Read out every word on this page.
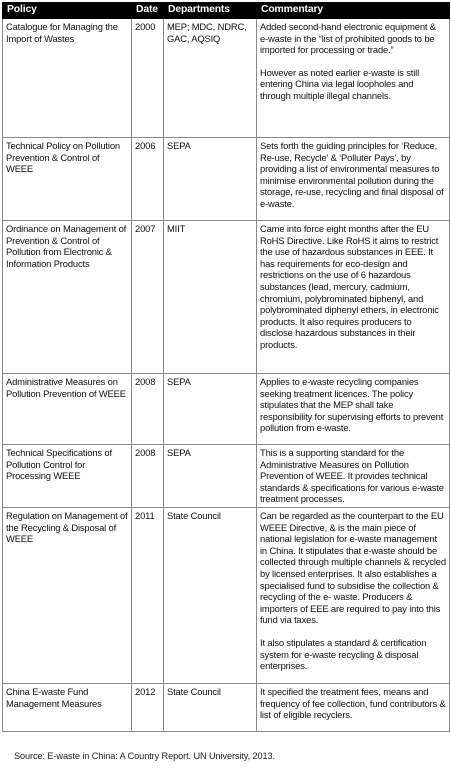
Policy	Date	Departments	Commentary
Catalogue for Managing the Import of Wastes	2000	MEP; MDC, NDRC, GAC, AQSIQ	Added second-hand electronic equipment & e-waste in the “list of prohibited goods to be imported for processing or trade.”

However as noted earlier e-waste is still entering China via legal loopholes and through multiple illegal channels.

Technical Policy on Pollution Prevention & Control of WEEE	2006	SEPA	Sets forth the guiding principles for ‘Reduce, Re-use, Recycle’ & ‘Polluter Pays’, by providing a list of environmental measures to minimise environmental pollution during the storage, re-use, recycling and final disposal of e-waste.

Ordinance on Management of Prevention & Control of Pollution from Electronic & Information Products	2007	MIIT	Came into force eight months after the EU RoHS Directive. Like RoHS it aims to restrict the use of hazardous substances in EEE. It has requirements for eco-design and restrictions on the use of 6 hazardous substances (lead, mercury, cadmium, chromium, polybrominated biphenyl, and polybrominated diphenyl ethers, in electronic products. It also requires producers to disclose hazardous substances in their products.

Administrative Measures on Pollution Prevention of WEEE	2008	SEPA	Applies to e-waste recycling companies seeking treatment licences. The policy stipulates that the MEP shall take responsibility for supervising efforts to prevent pollution from e-waste.

Technical Specifications of Pollution Control for Processing WEEE	2008	SEPA	This is a supporting standard for the Administrative Measures on Pollution Prevention of WEEE. It provides technical standards & specifications for various e-waste treatment processes.

Regulation on Management of the Recycling & Disposal of WEEE	2011	State Council	Can be regarded as the counterpart to the EU WEEE Directive, & is the main piece of national legislation for e-waste management in China. It stipulates that e-waste should be collected through multiple channels & recycled by licensed enterprises. It also establishes a specialised fund to subsidise the collection & recycling of the e- waste. Producers & importers of EEE are required to pay into this fund via taxes.

It also stipulates a standard & certification system for e-waste recycling & disposal enterprises.

China E-waste Fund Management Measures	2012	State Council	It specified the treatment fees, means and frequency of fee collection, fund contributors & list of eligible recyclers.

Source: E-waste in China: A Country Report. UN University, 2013.
